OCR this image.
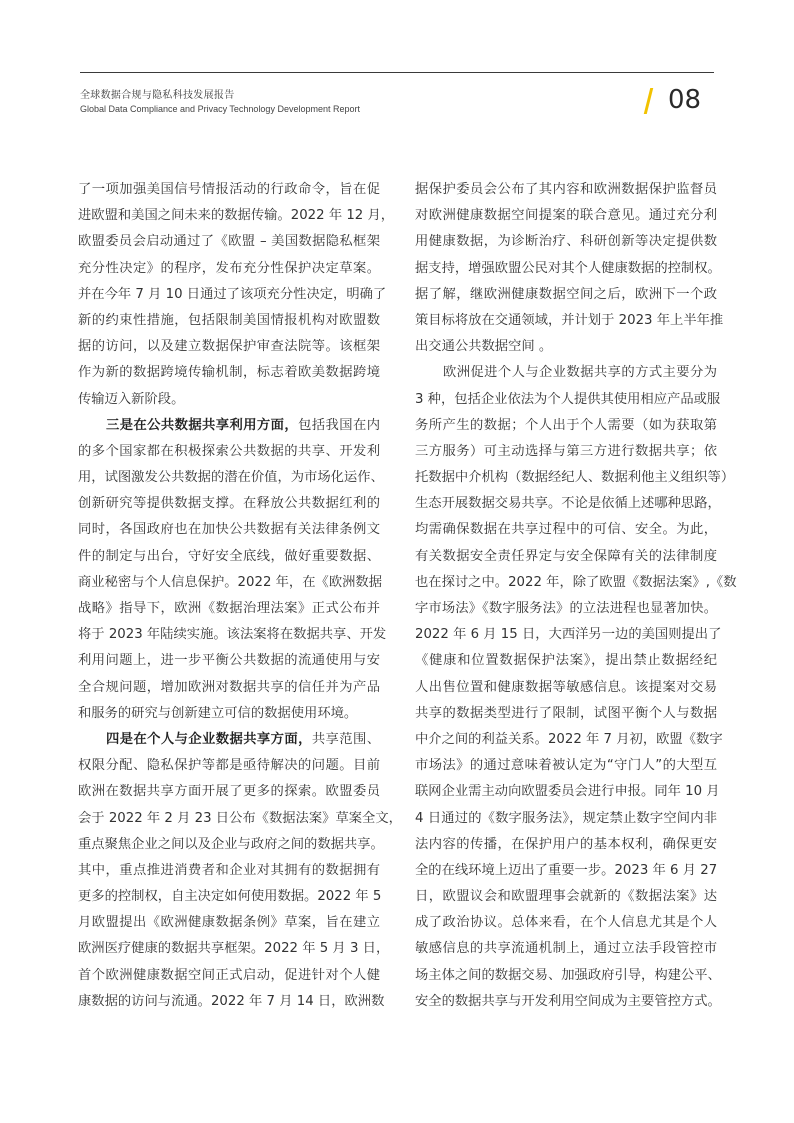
全球数据合规与隐私科技发展报告
Global Data Compliance and Privacy Technology Development Report	08
了一项加强美国信号情报活动的行政命令，旨在促
进欧盟和美国之间未来的数据传输。2022 年 12 月，
欧盟委员会启动通过了《欧盟 – 美国数据隐私框架
充分性决定》的程序，发布充分性保护决定草案。
并在今年 7 月 10 日通过了该项充分性决定，明确了
新的约束性措施，包括限制美国情报机构对欧盟数
据的访问，以及建立数据保护审查法院等。该框架
作为新的数据跨境传输机制，标志着欧美数据跨境
传输迈入新阶段。
三是在公共数据共享利用方面，包括我国在内
的多个国家都在积极探索公共数据的共享、开发利
用，试图激发公共数据的潜在价值，为市场化运作、
创新研究等提供数据支撑。在释放公共数据红利的
同时，各国政府也在加快公共数据有关法律条例文
件的制定与出台，守好安全底线，做好重要数据、
商业秘密与个人信息保护。2022 年，在《欧洲数据
战略》指导下，欧洲《数据治理法案》正式公布并
将于 2023 年陆续实施。该法案将在数据共享、开发
利用问题上，进一步平衡公共数据的流通使用与安
全合规问题，增加欧洲对数据共享的信任并为产品
和服务的研究与创新建立可信的数据使用环境。
四是在个人与企业数据共享方面，共享范围、
权限分配、隐私保护等都是亟待解决的问题。目前
欧洲在数据共享方面开展了更多的探索。欧盟委员
会于 2022 年 2 月 23 日公布《数据法案》草案全文，
重点聚焦企业之间以及企业与政府之间的数据共享。
其中，重点推进消费者和企业对其拥有的数据拥有
更多的控制权，自主决定如何使用数据。2022 年 5
月欧盟提出《欧洲健康数据条例》草案，旨在建立
欧洲医疗健康的数据共享框架。2022 年 5 月 3 日，
首个欧洲健康数据空间正式启动，促进针对个人健
康数据的访问与流通。2022 年 7 月 14 日，欧洲数
据保护委员会公布了其内容和欧洲数据保护监督员
对欧洲健康数据空间提案的联合意见。通过充分利
用健康数据，为诊断治疗、科研创新等决定提供数
据支持，增强欧盟公民对其个人健康数据的控制权。
据了解，继欧洲健康数据空间之后，欧洲下一个政
策目标将放在交通领域，并计划于 2023 年上半年推
出交通公共数据空间 。
欧洲促进个人与企业数据共享的方式主要分为
3 种，包括企业依法为个人提供其使用相应产品或服
务所产生的数据；个人出于个人需要（如为获取第
三方服务）可主动选择与第三方进行数据共享；依
托数据中介机构（数据经纪人、数据利他主义组织等）
生态开展数据交易共享。不论是依循上述哪种思路，
均需确保数据在共享过程中的可信、安全。为此，
有关数据安全责任界定与安全保障有关的法律制度
也在探讨之中。2022 年，除了欧盟《数据法案》,《数
字市场法》《数字服务法》的立法进程也显著加快。
2022 年 6 月 15 日，大西洋另一边的美国则提出了
《健康和位置数据保护法案》，提出禁止数据经纪
人出售位置和健康数据等敏感信息。该提案对交易
共享的数据类型进行了限制，试图平衡个人与数据
中介之间的利益关系。2022 年 7 月初，欧盟《数字
市场法》的通过意味着被认定为“守门人”的大型互
联网企业需主动向欧盟委员会进行申报。同年 10 月
4 日通过的《数字服务法》，规定禁止数字空间内非
法内容的传播，在保护用户的基本权利，确保更安
全的在线环境上迈出了重要一步。2023 年 6 月 27
日，欧盟议会和欧盟理事会就新的《数据法案》达
成了政治协议。总体来看，在个人信息尤其是个人
敏感信息的共享流通机制上，通过立法手段管控市
场主体之间的数据交易、加强政府引导，构建公平、
安全的数据共享与开发利用空间成为主要管控方式。
